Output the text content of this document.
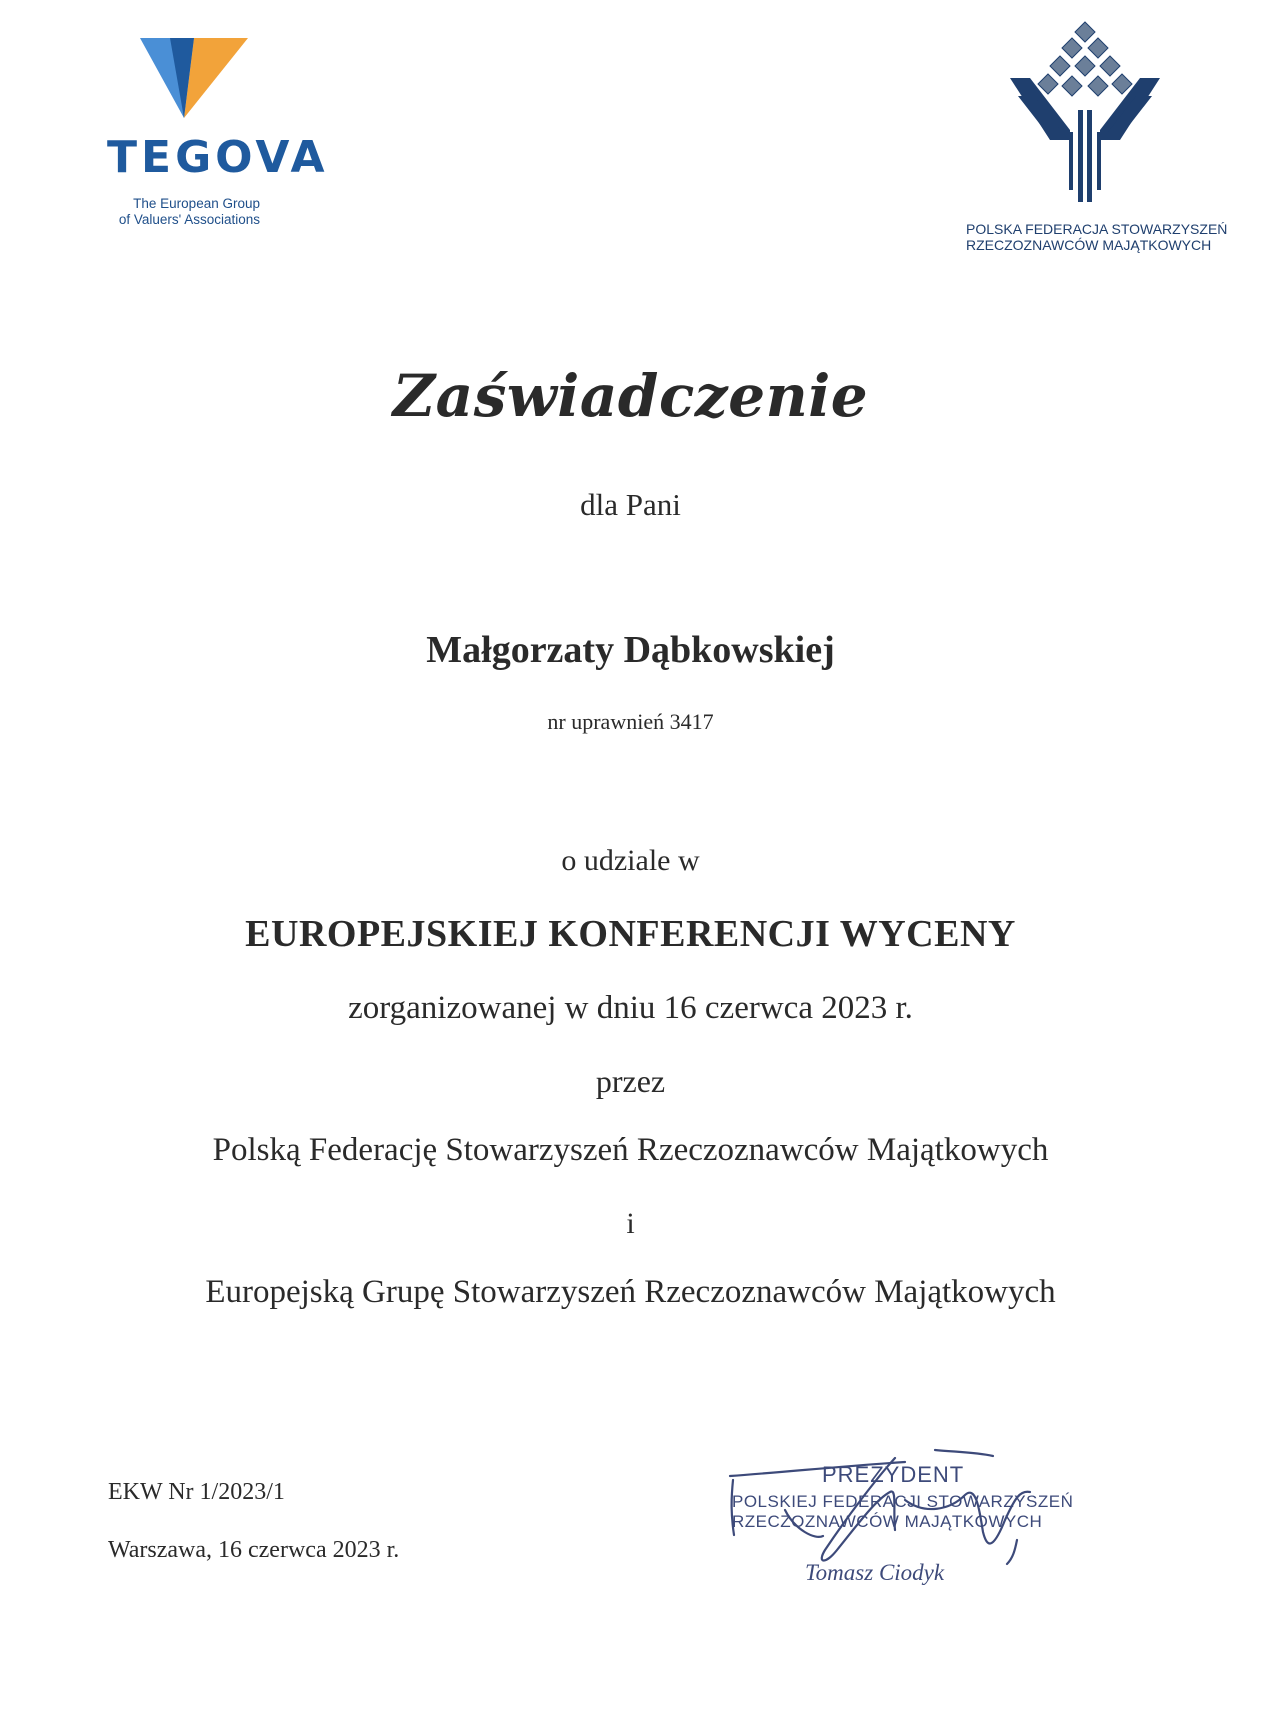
TEGOVA
The European Group
of Valuers' Associations
POLSKA FEDERACJA STOWARZYSZEŃ
RZECZOZNAWCÓW MAJĄTKOWYCH
Zaświadczenie
dla Pani
Małgorzaty Dąbkowskiej
nr uprawnień 3417
o udziale w
EUROPEJSKIEJ KONFERENCJI WYCENY
zorganizowanej w dniu 16 czerwca 2023 r.
przez
Polską Federację Stowarzyszeń Rzeczoznawców Majątkowych
i
Europejską Grupę Stowarzyszeń Rzeczoznawców Majątkowych
EKW Nr 1/2023/1
Warszawa, 16 czerwca 2023 r.
PREZYDENT
POLSKIEJ FEDERACJI STOWARZYSZEŃ
RZECZOZNAWCÓW MAJĄTKOWYCH
Tomasz Ciodyk
